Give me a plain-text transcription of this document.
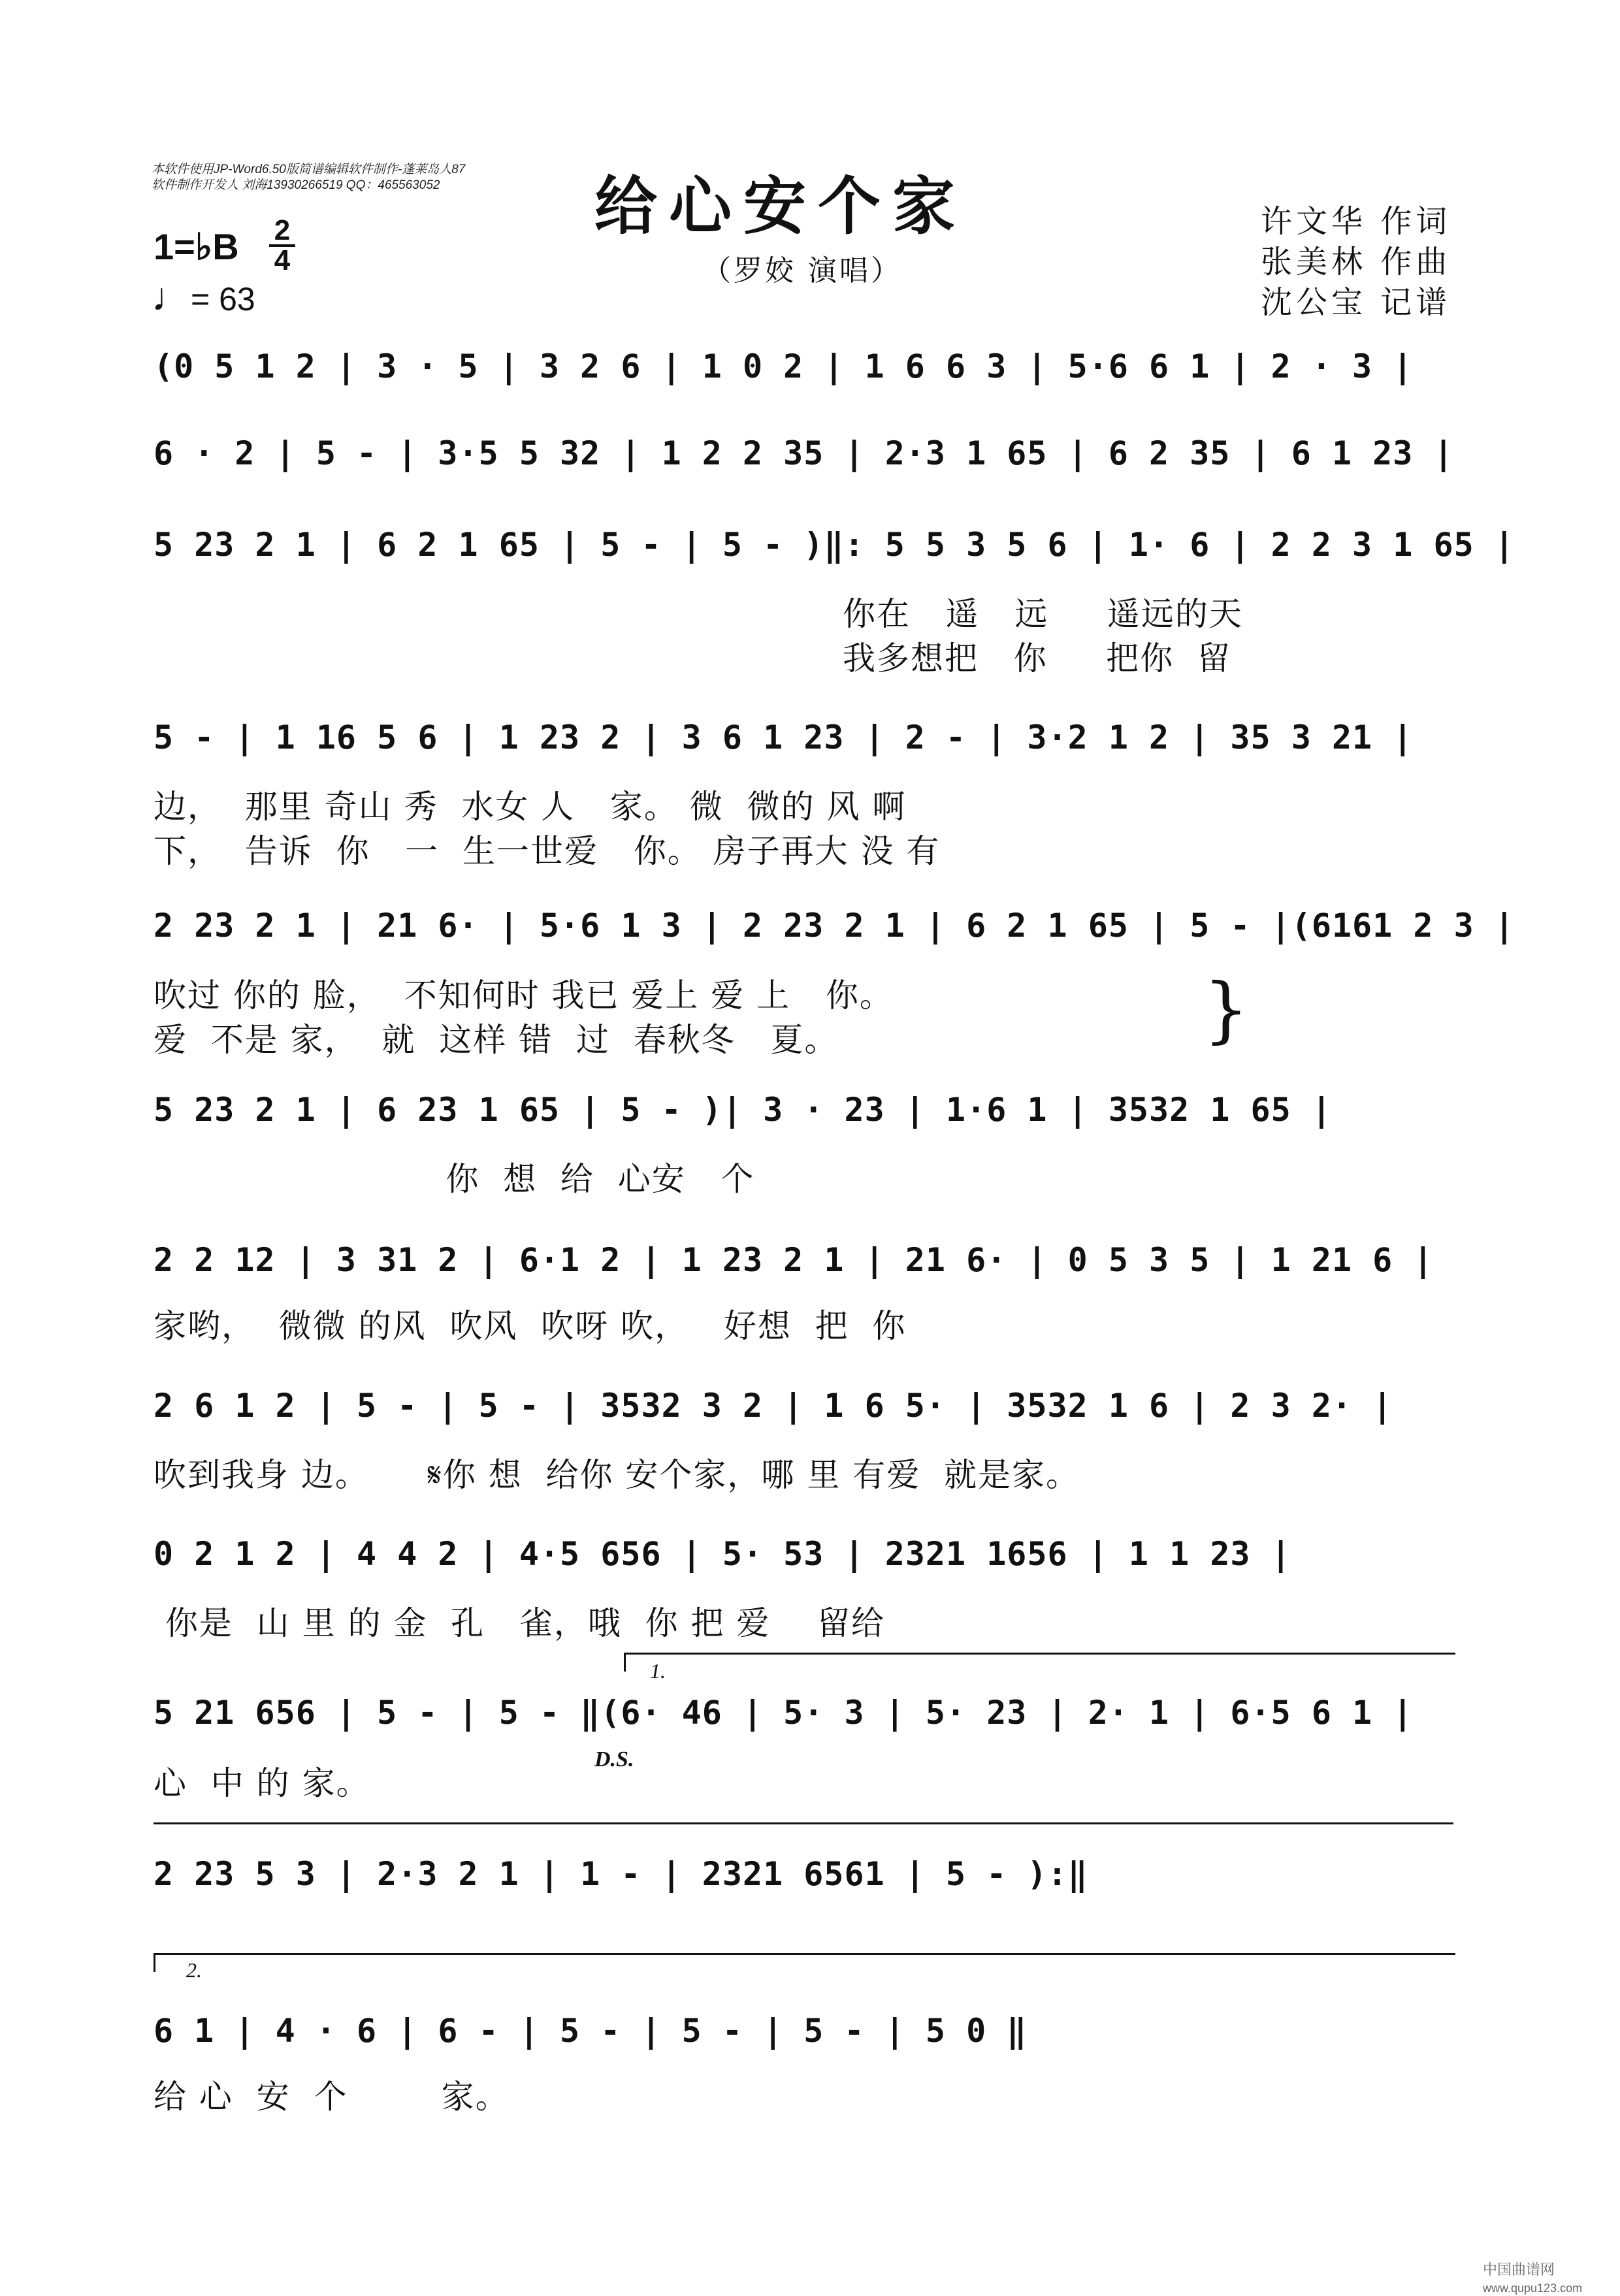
本软件使用JP-Word6.50版简谱编辑软件制作-蓬莱岛人87
软件制作开发人 刘海13930266519 QQ：465563052 给心安个家
（罗姣 演唱）
许文华 作词
张美林 作曲
沈公宝 记谱
1=♭B 2
4
♩= 63
(0 5 1 2 | 3 · 5 | 3 2 6 | 1 0 2 | 1 6 6 3 | 5·6 6 1 | 2 · 3 |
6 · 2 | 5 - | 3·5 5 32 | 1 2 2 35 | 2·3 1 65 | 6 2 35 | 6 1 23 |
5 23 2 1 | 6 2 1 65 | 5 - | 5 - )‖: 5 5 3 5 6 | 1· 6 | 2 2 3 1 65 |
你在   遥   远     遥远的天
我多想把   你     把你  留
5 - | 1 16 5 6 | 1 23 2 | 3 6 1 23 | 2 - | 3·2 1 2 | 35 3 21 |
边，  那里 奇山 秀  水女 人   家。 微  微的 风 啊
下，  告诉  你   一  生一世爱   你。 房子再大 没 有
2 23 2 1 | 21 6· | 5·6 1 3 | 2 23 2 1 | 6 2 1 65 | 5 - |(6161 2 3 |
吹过 你的 脸，  不知何时 我已 爱上 爱 上   你。
爱  不是 家，  就  这样 错  过  春秋冬   夏。	}
5 23 2 1 | 6 23 1 65 | 5 - )| 3 · 23 | 1·6 1 | 3532 1 65 |
你  想  给  心安   个
2 2 12 | 3 31 2 | 6·1 2 | 1 23 2 1 | 21 6· | 0 5 3 5 | 1 21 6 |
家哟，  微微 的风  吹风  吹呀 吹，   好想  把  你
2 6 1 2 | 5 - | 5 - | 3532 3 2 | 1 6 5· | 3532 1 6 | 2 3 2· |
吹到我身 边。     𝄋你 想  给你 安个家，哪 里 有爱  就是家。
0 2 1 2 | 4 4 2 | 4·5 656 | 5· 53 | 2321 1656 | 1 1 23 |
你是  山 里 的 金  孔   雀，哦  你 把 爱    留给
1.
5 21 656 | 5 - | 5 - ‖(6· 46 | 5· 3 | 5· 23 | 2· 1 | 6·5 6 1 |
D.S.
心  中 的 家。
2 23 5 3 | 2·3 2 1 | 1 - | 2321 6561 | 5 - ):‖
2.
6 1 | 4 · 6 | 6 - | 5 - | 5 - | 5 - | 5 0 ‖
给 心  安  个        家。
中国曲谱网 www.qupu123.com
